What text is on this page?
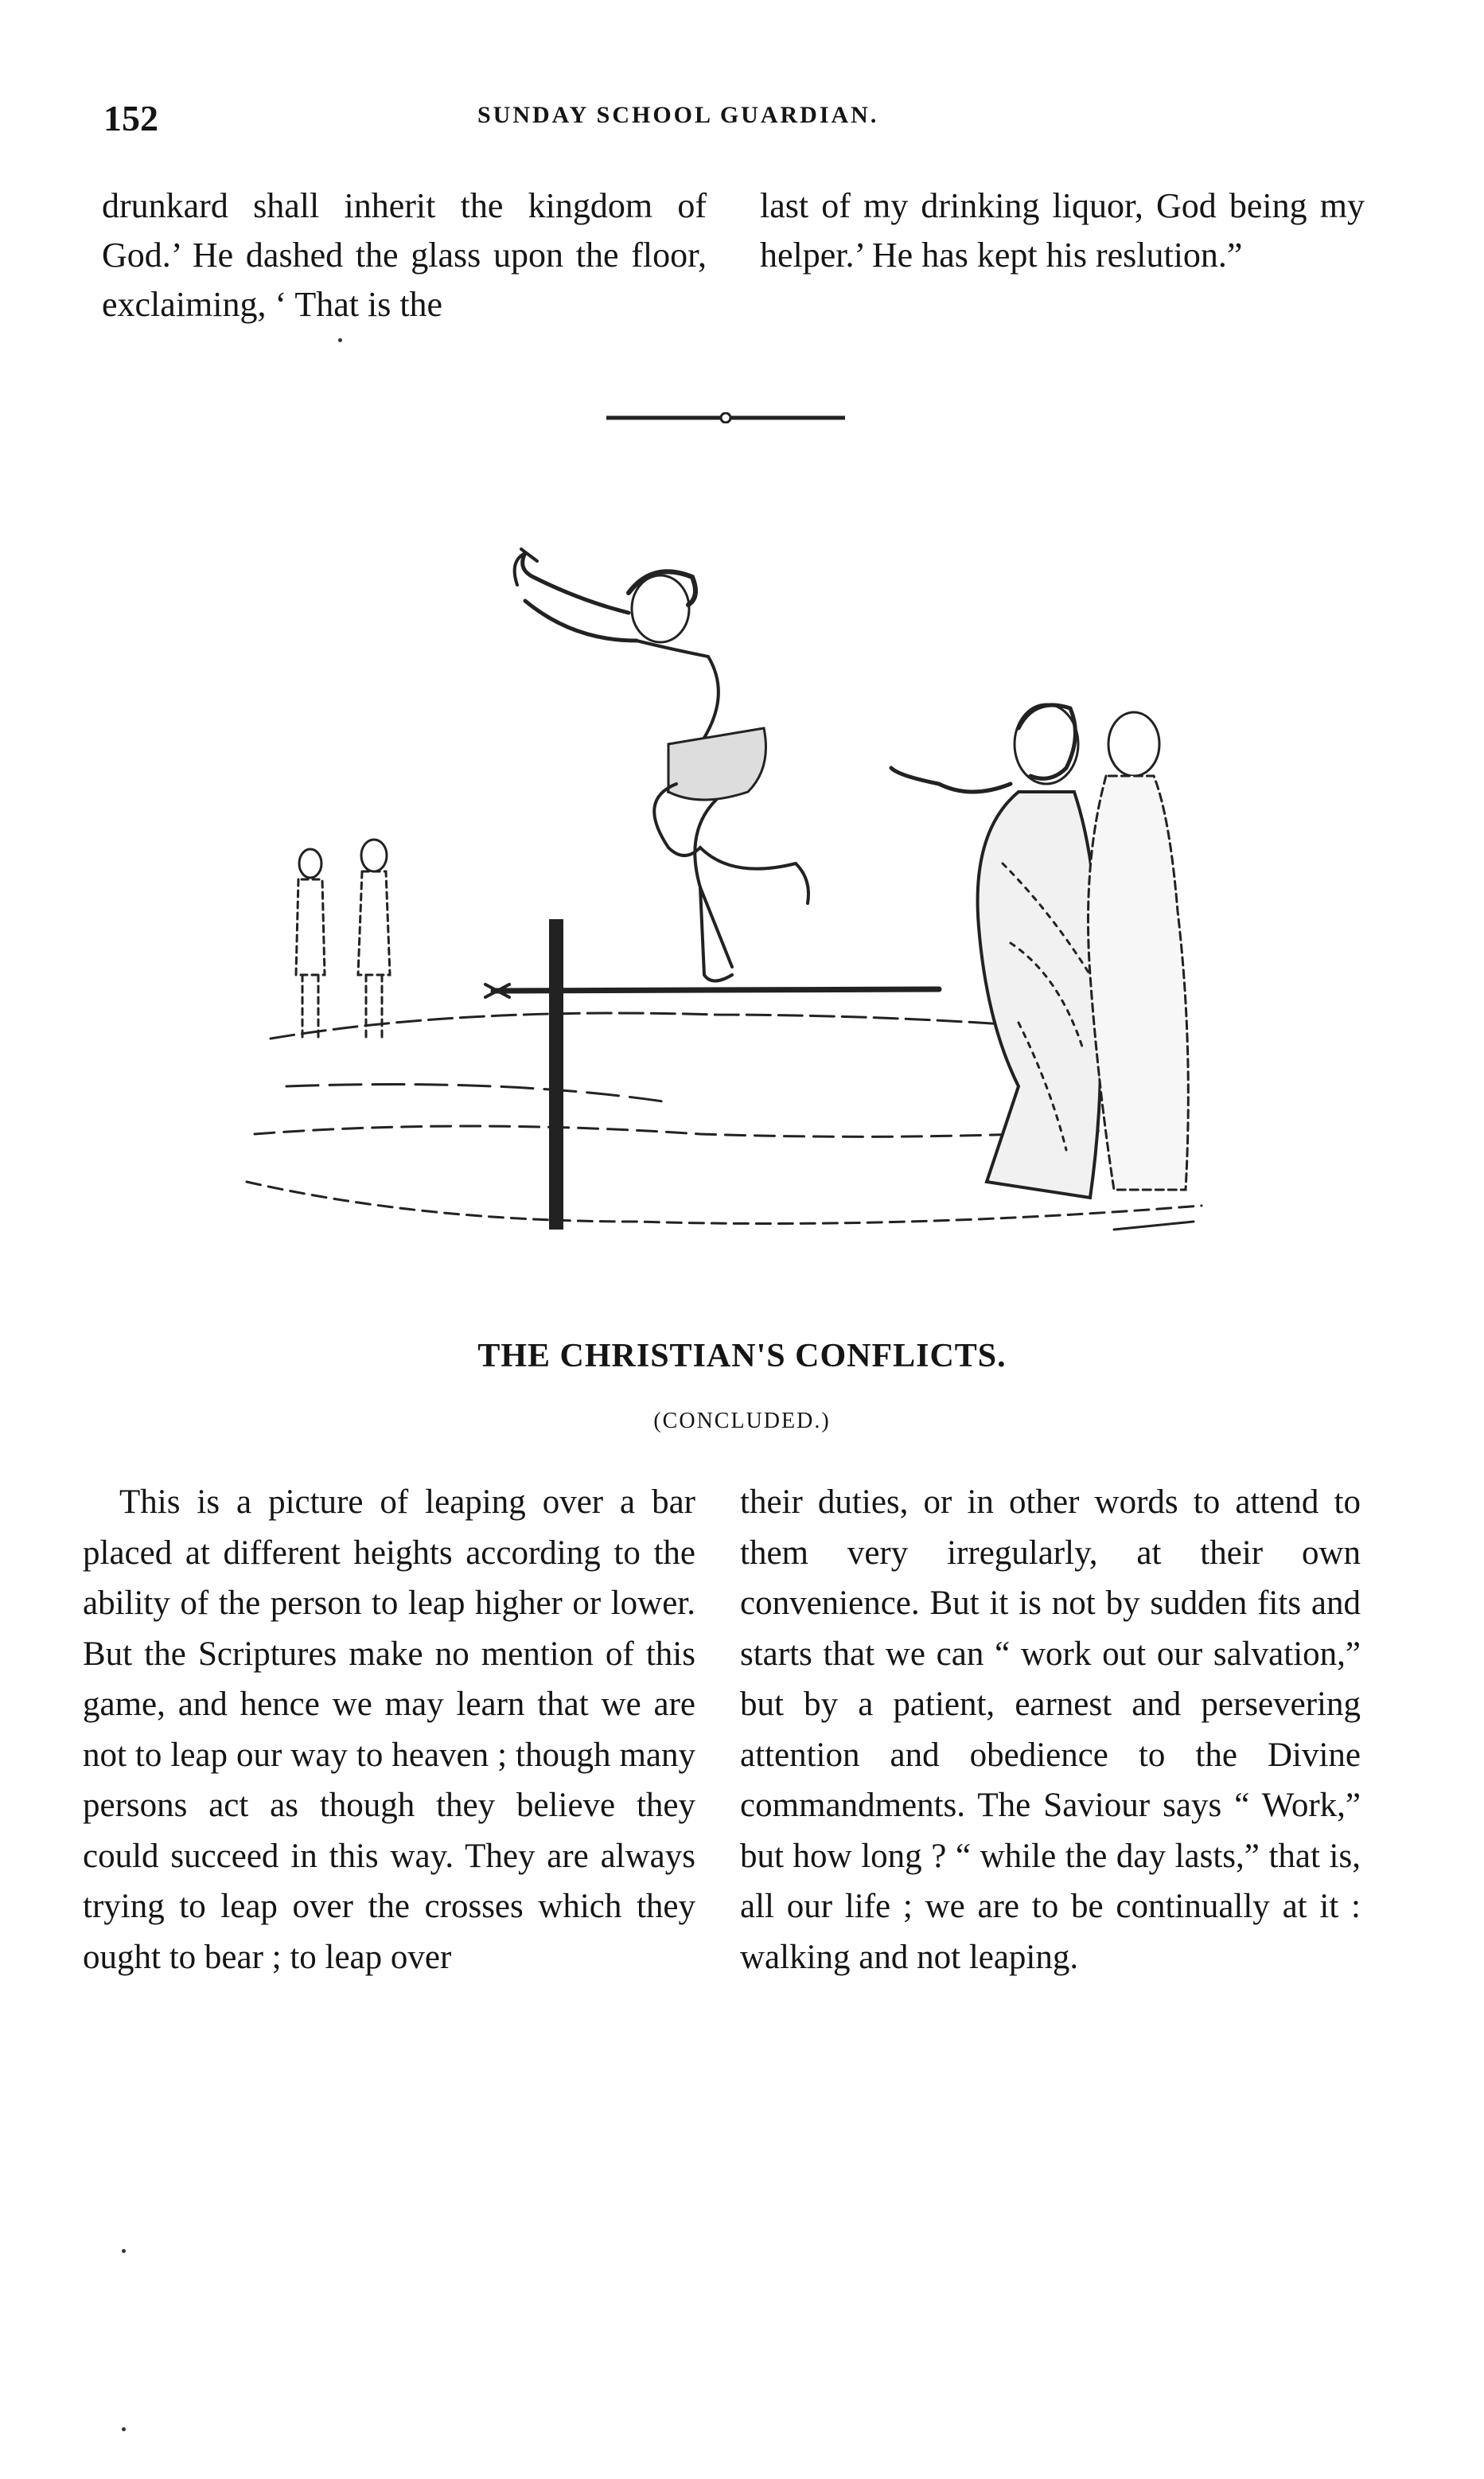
152	SUNDAY SCHOOL GUARDIAN.

drunkard shall inherit the kingdom of God.’ He dashed the glass upon the floor, exclaiming, ‘ That is the

last of my drinking liquor, God being my helper.’ He has kept his reslution.”

THE CHRISTIAN'S CONFLICTS.
(CONCLUDED.)

This is a picture of leaping over a bar placed at different heights according to the ability of the person to leap higher or lower. But the Scriptures make no mention of this game, and hence we may learn that we are not to leap our way to heaven ; though many persons act as though they believe they could succeed in this way. They are always trying to leap over the crosses which they ought to bear ; to leap over

their duties, or in other words to attend to them very irregularly, at their own convenience. But it is not by sudden fits and starts that we can “ work out our salvation,” but by a patient, earnest and persevering attention and obedience to the Divine commandments. The Saviour says “ Work,” but how long ? “ while the day lasts,” that is, all our life ; we are to be continually at it : walking and not leaping.
